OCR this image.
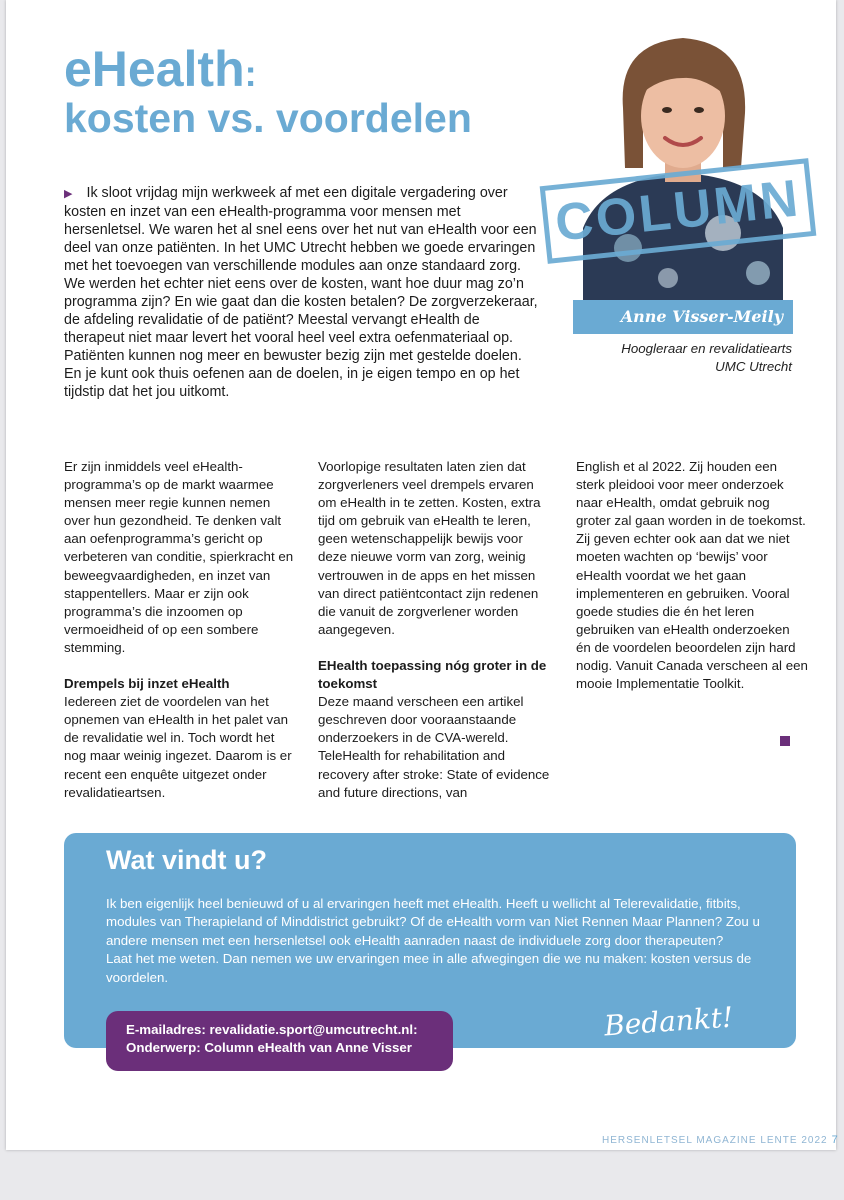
eHealth:
kosten vs. voordelen
▶ Ik sloot vrijdag mijn werkweek af met een digitale vergadering over kosten en inzet van een eHealth-programma voor mensen met hersenletsel. We waren het al snel eens over het nut van eHealth voor een deel van onze patiënten. In het UMC Utrecht hebben we goede ervaringen met het toevoegen van verschillende modules aan onze standaard zorg. We werden het echter niet eens over de kosten, want hoe duur mag zo’n programma zijn? En wie gaat dan die kosten betalen? De zorgverzekeraar, de afdeling revalidatie of de patiënt? Meestal vervangt eHealth de therapeut niet maar levert het vooral heel veel extra oefenmateriaal op. Patiënten kunnen nog meer en bewuster bezig zijn met gestelde doelen. En je kunt ook thuis oefenen aan de doelen, in je eigen tempo en op het tijdstip dat het jou uitkomt.
COLUMN
Anne Visser-Meily
Hoogleraar en revalidatiearts
UMC Utrecht

Er zijn inmiddels veel eHealth-programma’s op de markt waarmee mensen meer regie kunnen nemen over hun gezondheid. Te denken valt aan oefenprogramma’s gericht op verbeteren van conditie, spierkracht en beweegvaardigheden, en inzet van stappentellers. Maar er zijn ook programma’s die inzoomen op vermoeidheid of op een sombere stemming.

Drempels bij inzet eHealth

Iedereen ziet de voordelen van het opnemen van eHealth in het palet van de revalidatie wel in. Toch wordt het nog maar weinig ingezet. Daarom is er recent een enquête uitgezet onder revalidatieartsen.

Voorlopige resultaten laten zien dat zorgverleners veel drempels ervaren om eHealth in te zetten. Kosten, extra tijd om gebruik van eHealth te leren, geen wetenschappelijk bewijs voor deze nieuwe vorm van zorg, weinig vertrouwen in de apps en het missen van direct patiëntcontact zijn redenen die vanuit de zorgverlener worden aangegeven.

EHealth toepassing nóg groter in de toekomst

Deze maand verscheen een artikel geschreven door vooraanstaande onderzoekers in de CVA-wereld. TeleHealth for rehabilitation and recovery after stroke: State of evidence and future directions, van

English et al 2022. Zij houden een sterk pleidooi voor meer onderzoek naar eHealth, omdat gebruik nog groter zal gaan worden in de toekomst. Zij geven echter ook aan dat we niet moeten wachten op ‘bewijs’ voor eHealth voordat we het gaan implementeren en gebruiken. Vooral goede studies die én het leren gebruiken van eHealth onderzoeken én de voordelen beoordelen zijn hard nodig. Vanuit Canada verscheen al een mooie Implementatie Toolkit.

Wat vindt u?
Ik ben eigenlijk heel benieuwd of u al ervaringen heeft met eHealth. Heeft u wellicht al Telerevalidatie, fitbits, modules van Therapieland of Minddistrict gebruikt? Of de eHealth vorm van Niet Rennen Maar Plannen? Zou u andere mensen met een hersenletsel ook eHealth aanraden naast de individuele zorg door therapeuten?
Laat het me weten. Dan nemen we uw ervaringen mee in alle afwegingen die we nu maken: kosten versus de voordelen.
Bedankt!
E-mailadres: revalidatie.sport@umcutrecht.nl:
Onderwerp: Column eHealth van Anne Visser
HERSENLETSEL MAGAZINE LENTE 2022 7
